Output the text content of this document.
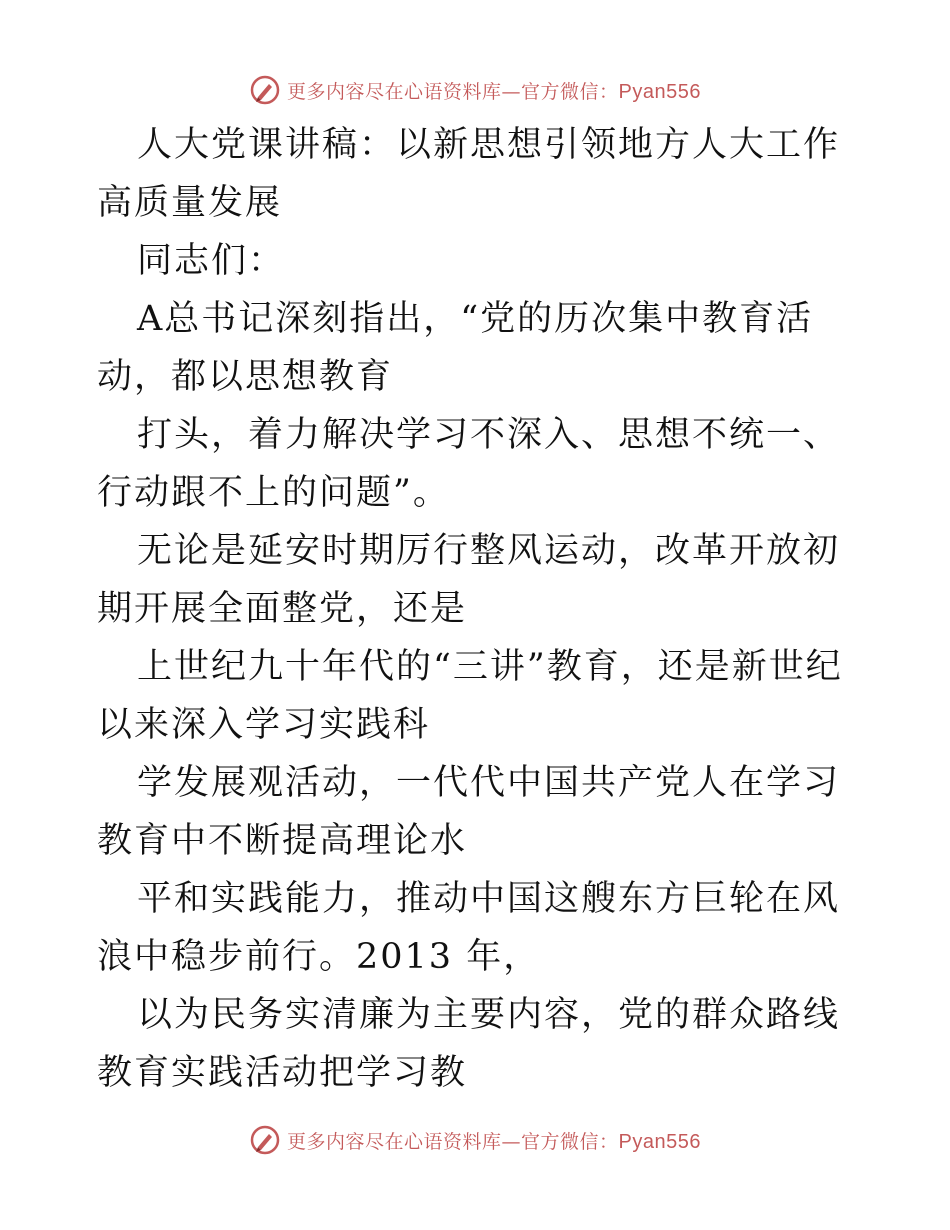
更多内容尽在心语资料库—官方微信：Pyan556

人大党课讲稿：以新思想引领地方人大工作高质量发展

同志们：

A总书记深刻指出，“党的历次集中教育活动，都以思想教育

打头，着力解决学习不深入、思想不统一、行动跟不上的问题”。

无论是延安时期厉行整风运动，改革开放初期开展全面整党，还是

上世纪九十年代的“三讲”教育，还是新世纪以来深入学习实践科

学发展观活动，一代代中国共产党人在学习教育中不断提高理论水

平和实践能力，推动中国这艘东方巨轮在风浪中稳步前行。2013 年，

以为民务实清廉为主要内容，党的群众路线教育实践活动把学习教

更多内容尽在心语资料库—官方微信：Pyan556
